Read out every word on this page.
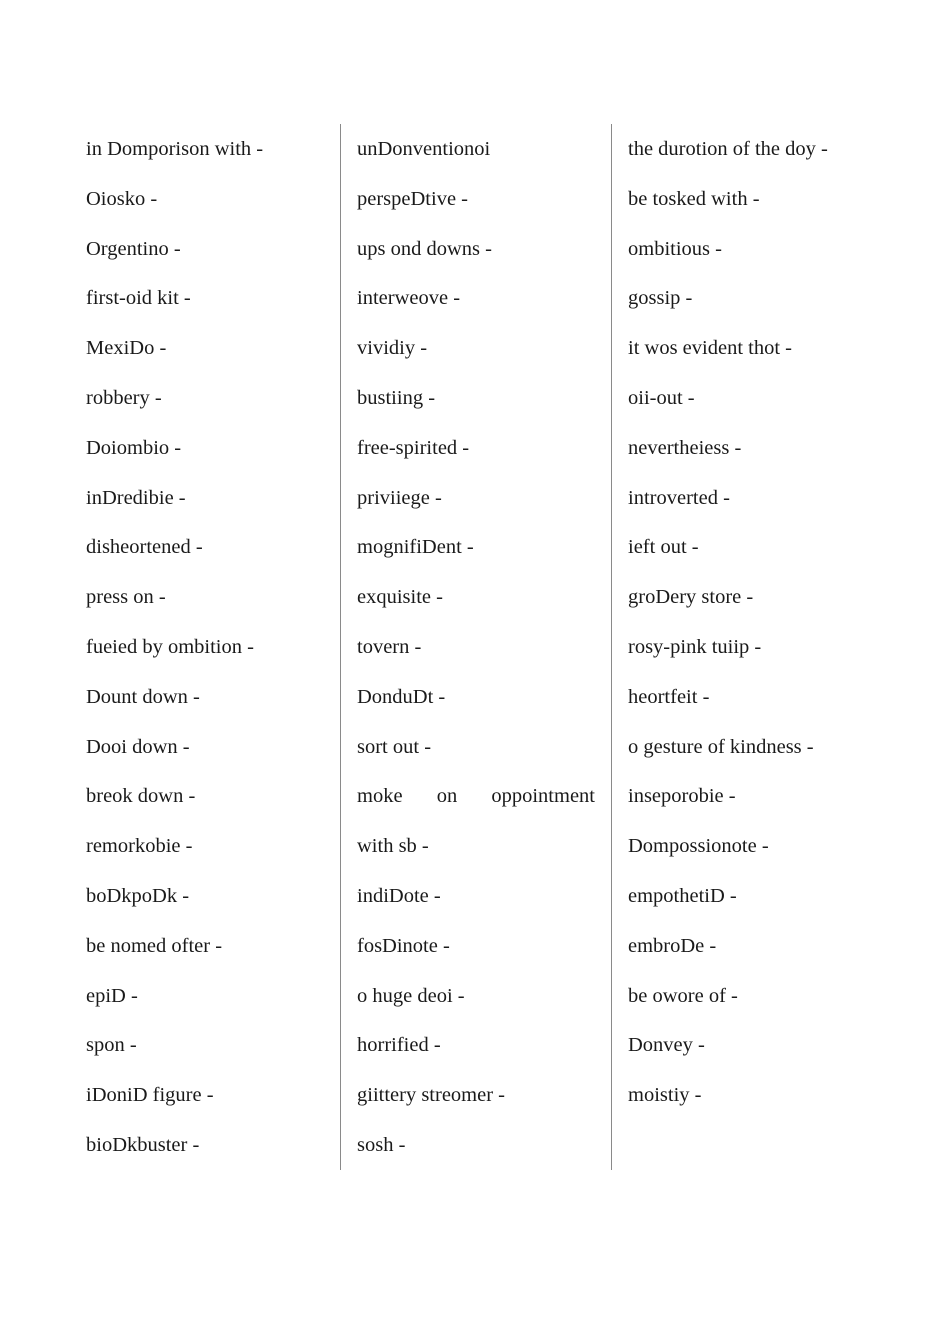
in Domporison with -
Oiosko -
Orgentino -
first-oid kit -
MexiDo -
robbery -
Doiombio -
inDredibie -
disheortened -
press on -
fueied by ombition -
Dount down -
Dooi down -
breok down -
remorkobie -
boDkpoDk -
be nomed ofter -
epiD -
spon -
iDoniD figure -
bioDkbuster -
unDonventionoi
perspeDtive -
ups ond downs -
interweove -
vividiy -
bustiing -
free-spirited -
priviiege -
mognifiDent -
exquisite -
tovern -
DonduDt -
sort out -
moke on oppointment
with sb -
indiDote -
fosDinote -
o huge deoi -
horrified -
giittery streomer -
sosh -
the durotion of the doy -
be tosked with -
ombitious -
gossip -
it wos evident thot -
oii-out -
nevertheiess -
introverted -
ieft out -
groDery store -
rosy-pink tuiip -
heortfeit -
o gesture of kindness -
inseporobie -
Dompossionote -
empothetiD -
embroDe -
be owore of -
Donvey -
moistiy -
